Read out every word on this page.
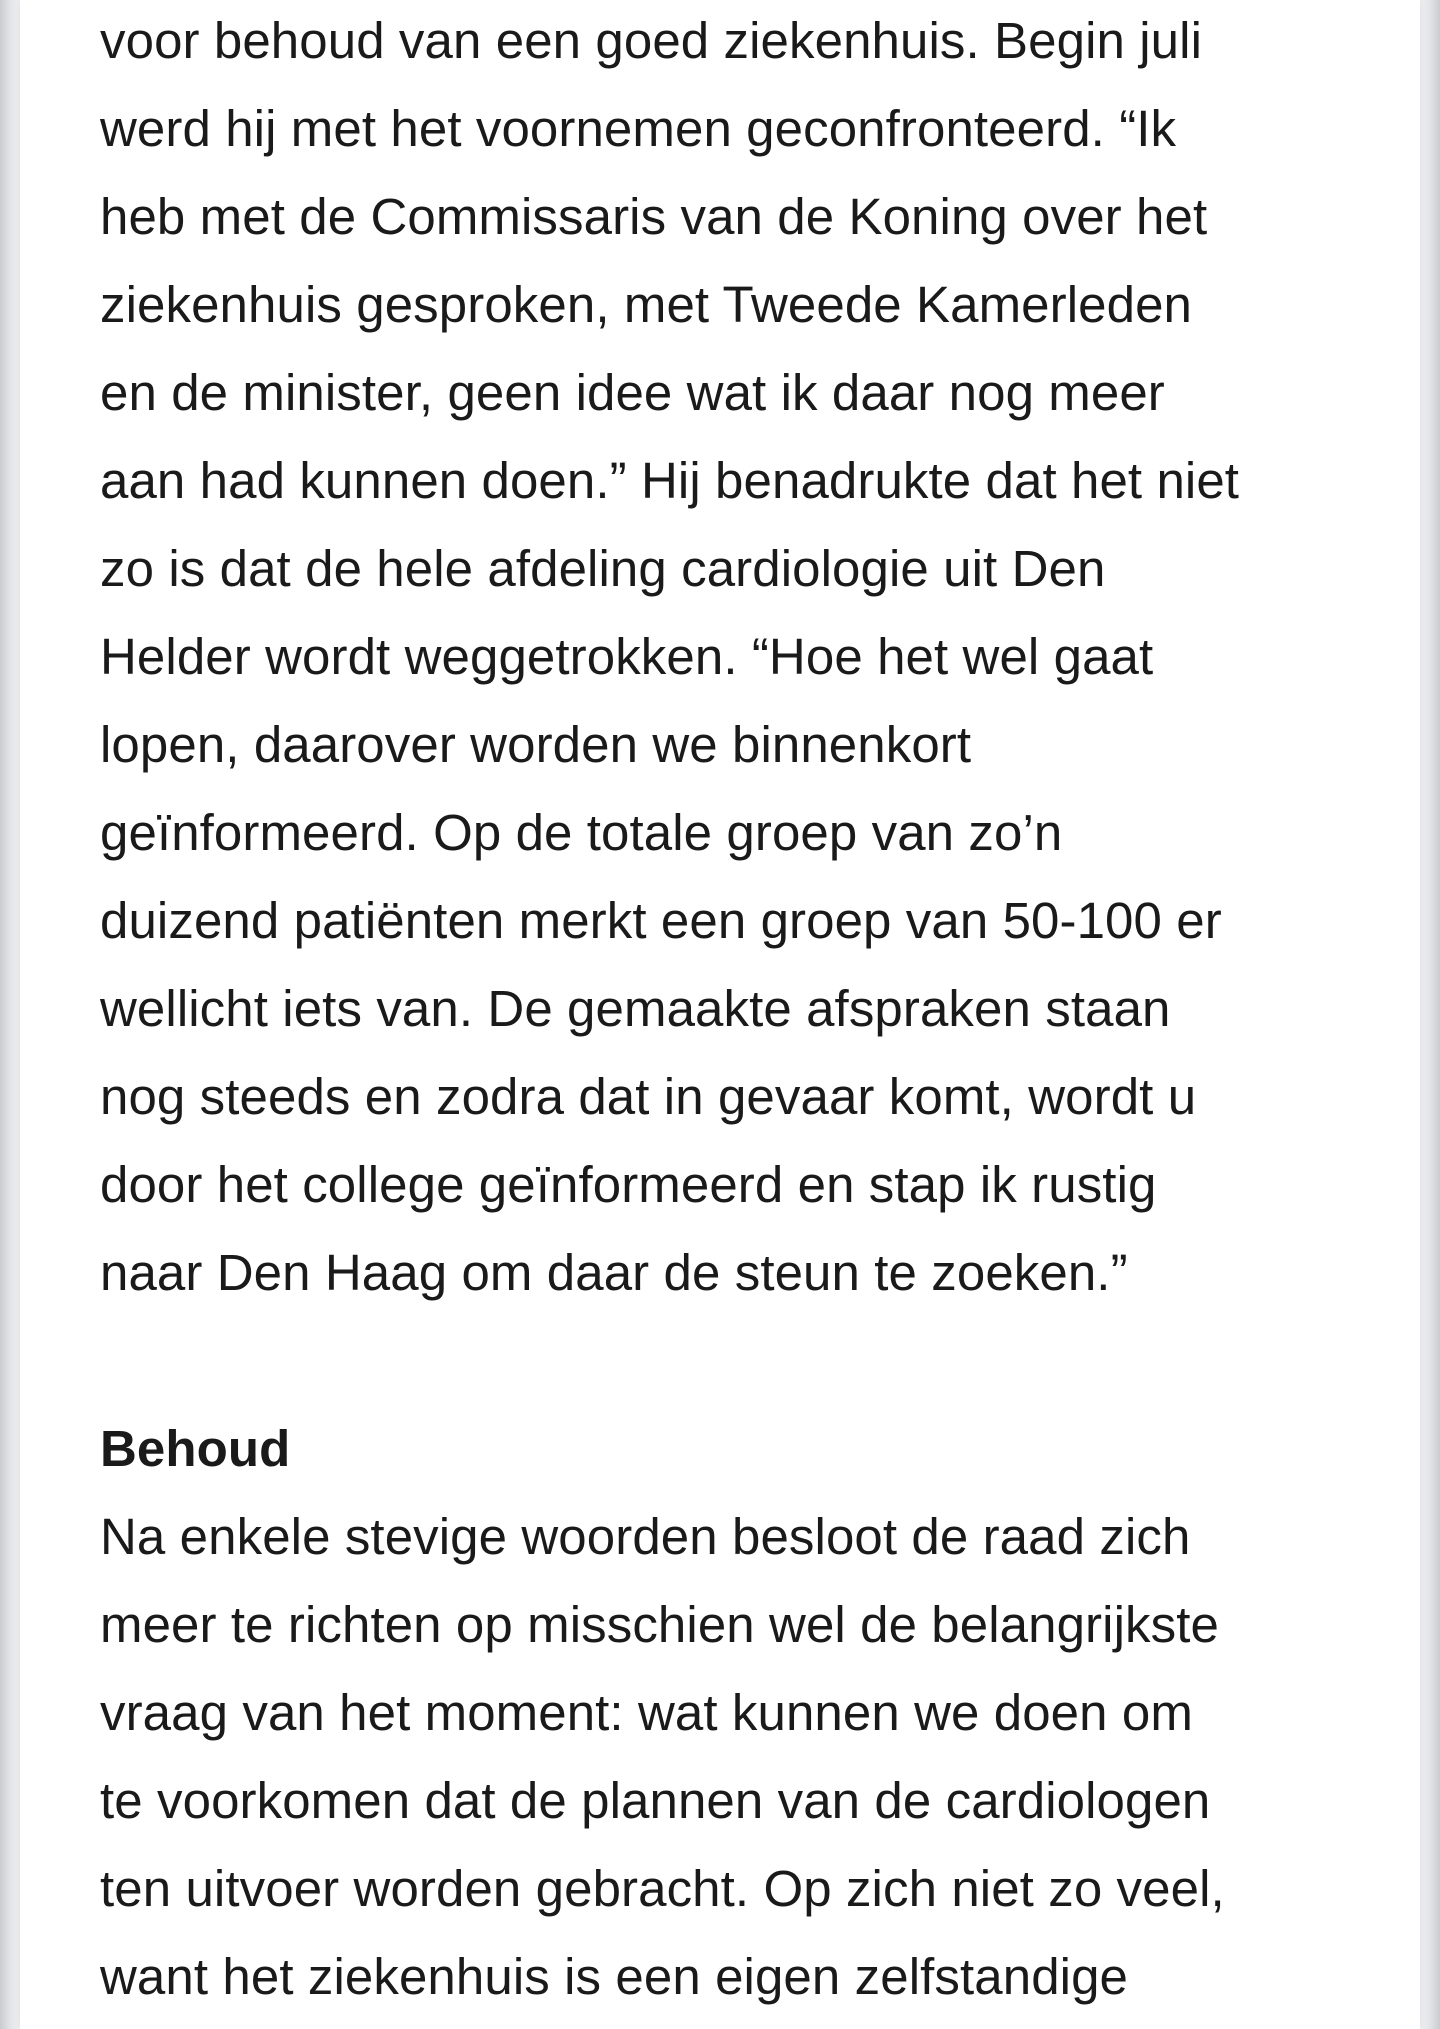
voor behoud van een goed ziekenhuis. Begin juli
werd hij met het voornemen geconfronteerd. “Ik
heb met de Commissaris van de Koning over het
ziekenhuis gesproken, met Tweede Kamerleden
en de minister, geen idee wat ik daar nog meer
aan had kunnen doen.” Hij benadrukte dat het niet
zo is dat de hele afdeling cardiologie uit Den
Helder wordt weggetrokken. “Hoe het wel gaat
lopen, daarover worden we binnenkort
geïnformeerd. Op de totale groep van zo’n
duizend patiënten merkt een groep van 50-100 er
wellicht iets van. De gemaakte afspraken staan
nog steeds en zodra dat in gevaar komt, wordt u
door het college geïnformeerd en stap ik rustig
naar Den Haag om daar de steun te zoeken.”
Behoud
Na enkele stevige woorden besloot de raad zich
meer te richten op misschien wel de belangrijkste
vraag van het moment: wat kunnen we doen om
te voorkomen dat de plannen van de cardiologen
ten uitvoer worden gebracht. Op zich niet zo veel,
want het ziekenhuis is een eigen zelfstandige
